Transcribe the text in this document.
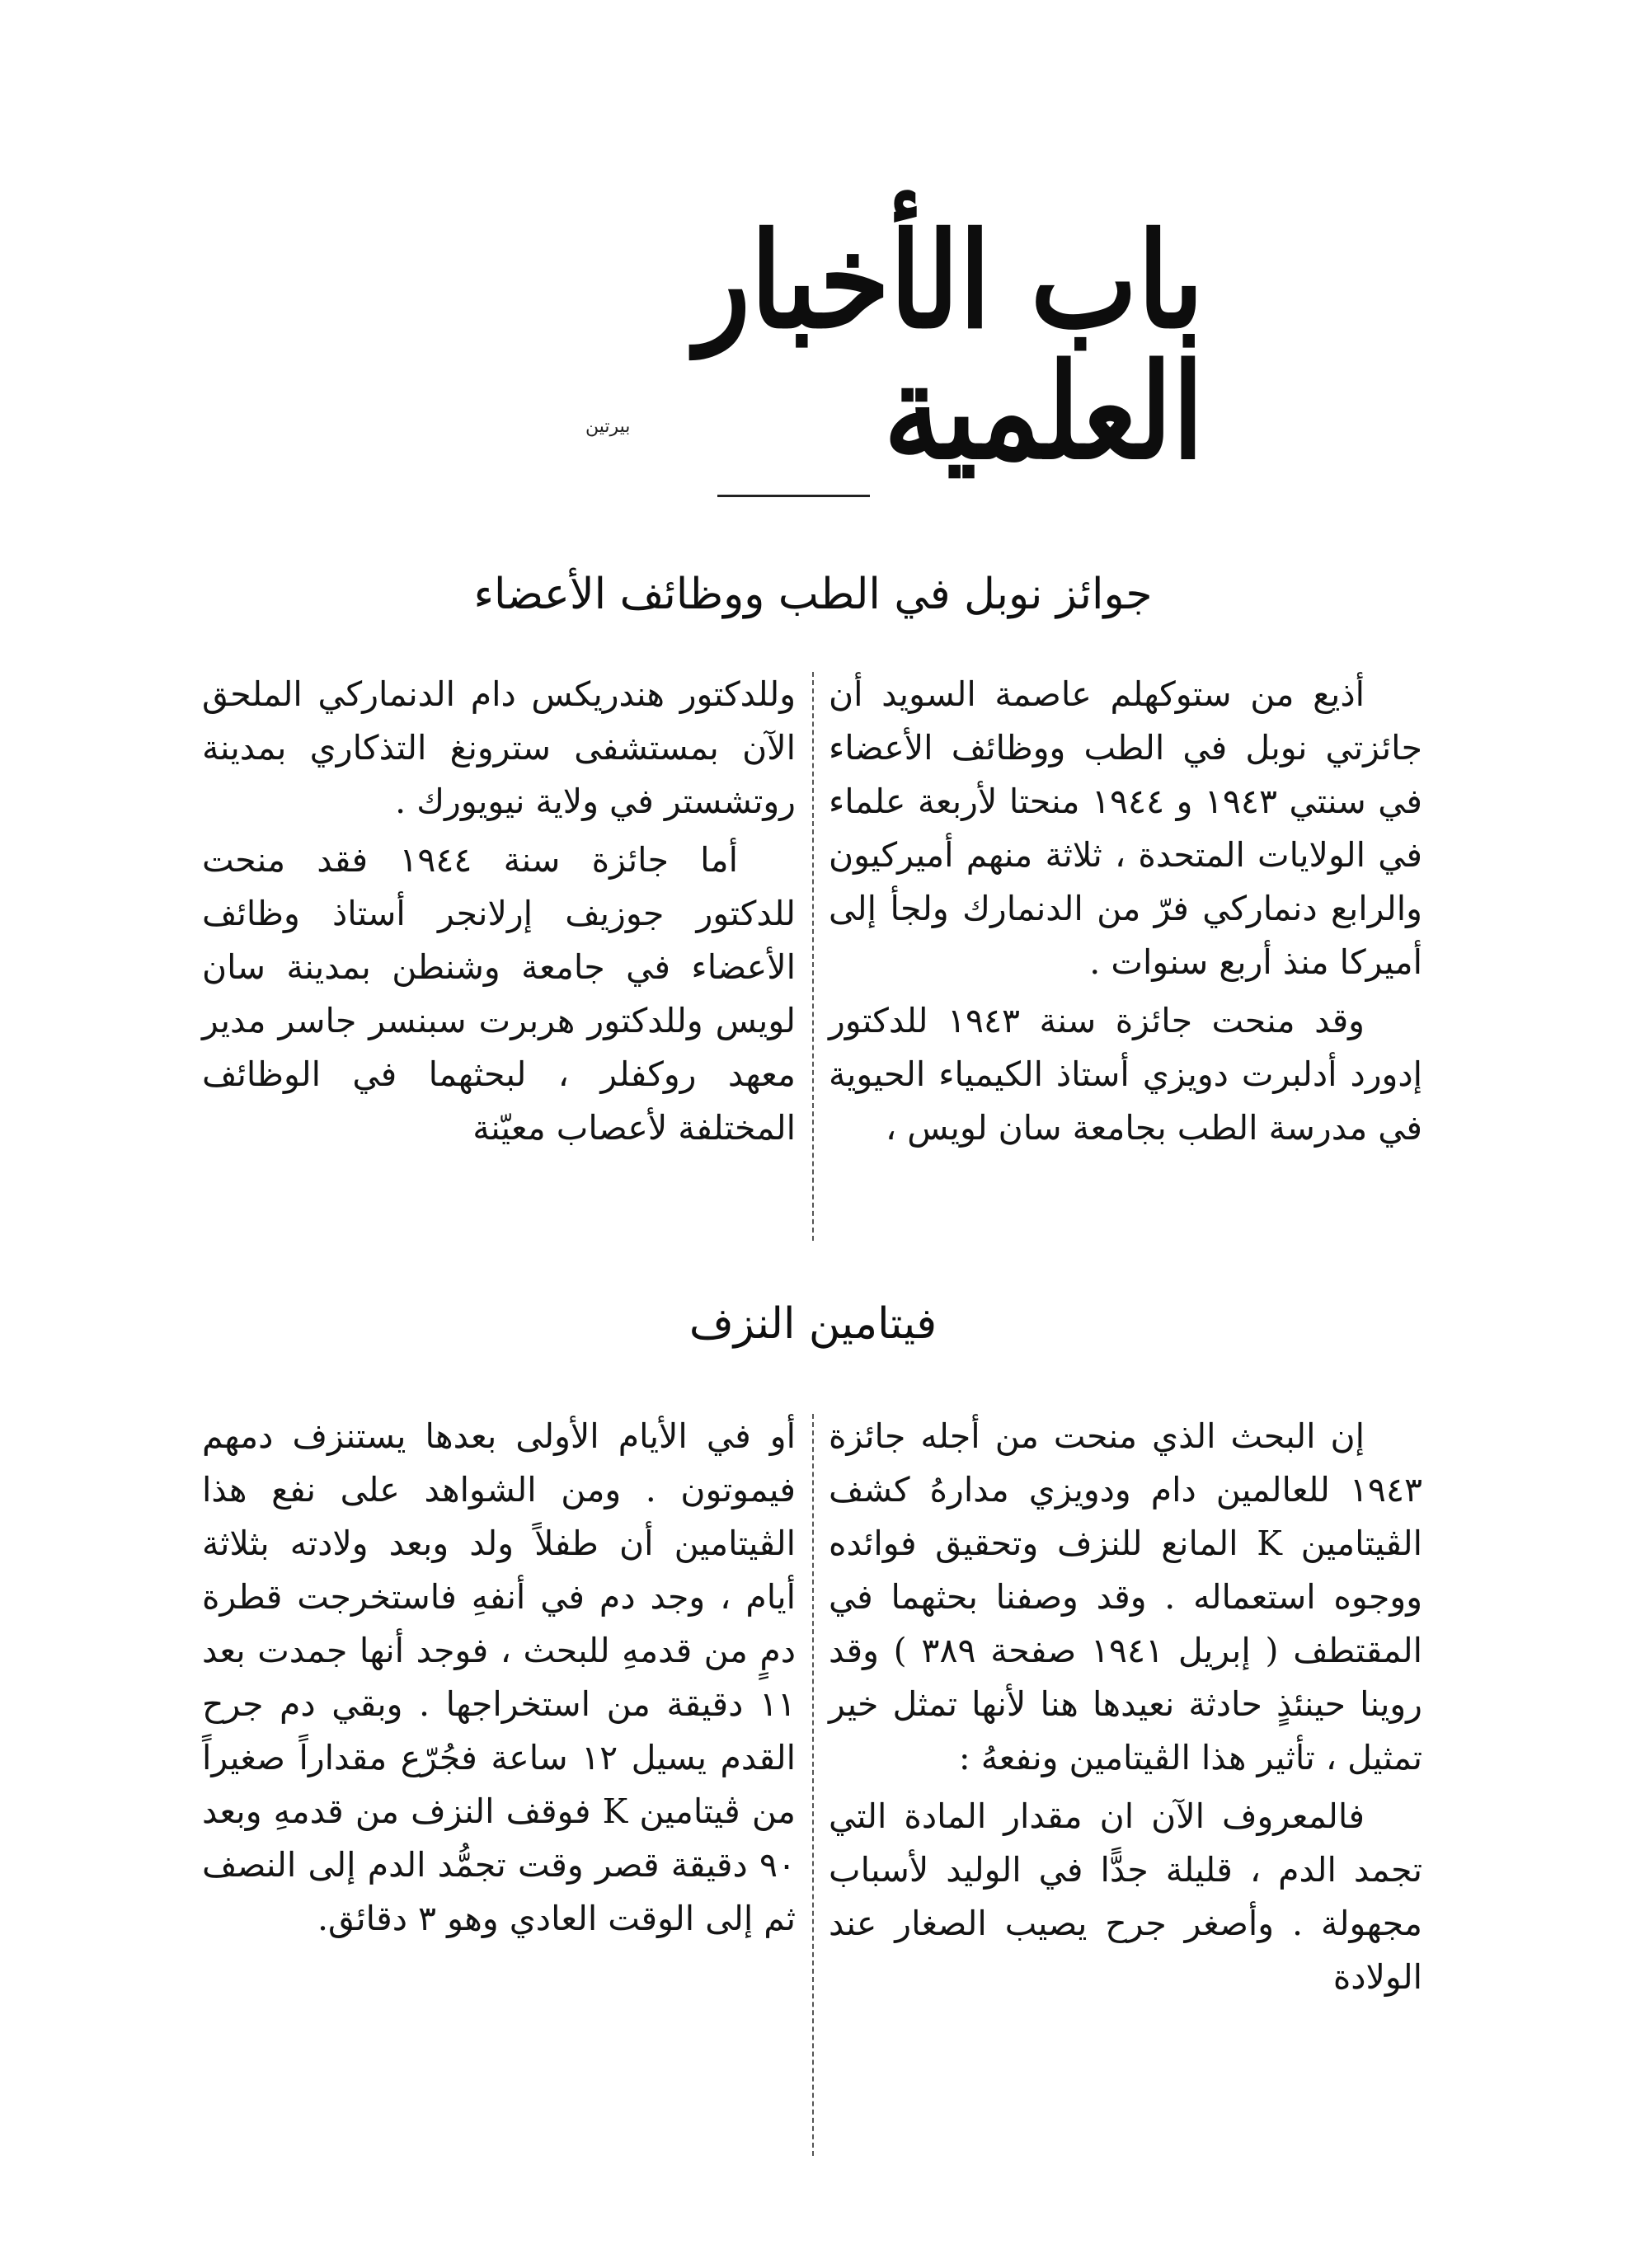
باب الأخبار العلمية
بيرتين
جوائز نوبل في الطب ووظائف الأعضاء

أذيع من ستوكهلم عاصمة السويد أن جائزتي نوبل في الطب ووظائف الأعضاء في سنتي ١٩٤٣ و ١٩٤٤ منحتا لأربعة علماء في الولايات المتحدة ، ثلاثة منهم أميركيون والرابع دنماركي فرّ من الدنمارك ولجأ إلى أميركا منذ أربع سنوات .

وقد منحت جائزة سنة ١٩٤٣ للدكتور إدورد أدلبرت دويزي أستاذ الكيمياء الحيوية في مدرسة الطب بجامعة سان لويس ،

وللدكتور هندريكس دام الدنماركي الملحق الآن بمستشفى سترونغ التذكاري بمدينة روتشستر في ولاية نيويورك .

أما جائزة سنة ١٩٤٤ فقد منحت للدكتور جوزيف إرلانجر أستاذ وظائف الأعضاء في جامعة وشنطن بمدينة سان لويس وللدكتور هربرت سبنسر جاسر مدير معهد روكفلر ، لبحثهما في الوظائف المختلفة لأعصاب معيّنة

فيتامين النزف

إن البحث الذي منحت من أجله جائزة ١٩٤٣ للعالمين دام ودويزي مدارهُ كشف الڤيتامين K المانع للنزف وتحقيق فوائده ووجوه استعماله . وقد وصفنا بحثهما في المقتطف ( إبريل ١٩٤١ صفحة ٣٨٩ ) وقد روينا حينئذٍ حادثة نعيدها هنا لأنها تمثل خير تمثيل ، تأثير هذا الڤيتامين ونفعهُ :

فالمعروف الآن ان مقدار المادة التي تجمد الدم ، قليلة جدًّا في الوليد لأسباب مجهولة . وأصغر جرح يصيب الصغار عند الولادة

أو في الأيام الأولى بعدها يستنزف دمهم فيموتون . ومن الشواهد على نفع هذا الڤيتامين أن طفلاً ولد وبعد ولادته بثلاثة أيام ، وجد دم في أنفهِ فاستخرجت قطرة دمٍ من قدمهِ للبحث ، فوجد أنها جمدت بعد ١١ دقيقة من استخراجها . وبقي دم جرح القدم يسيل ١٢ ساعة فجُرّع مقداراً صغيراً من ڤيتامين K فوقف النزف من قدمهِ وبعد ٩٠ دقيقة قصر وقت تجمُّد الدم إلى النصف ثم إلى الوقت العادي وهو ٣ دقائق.
